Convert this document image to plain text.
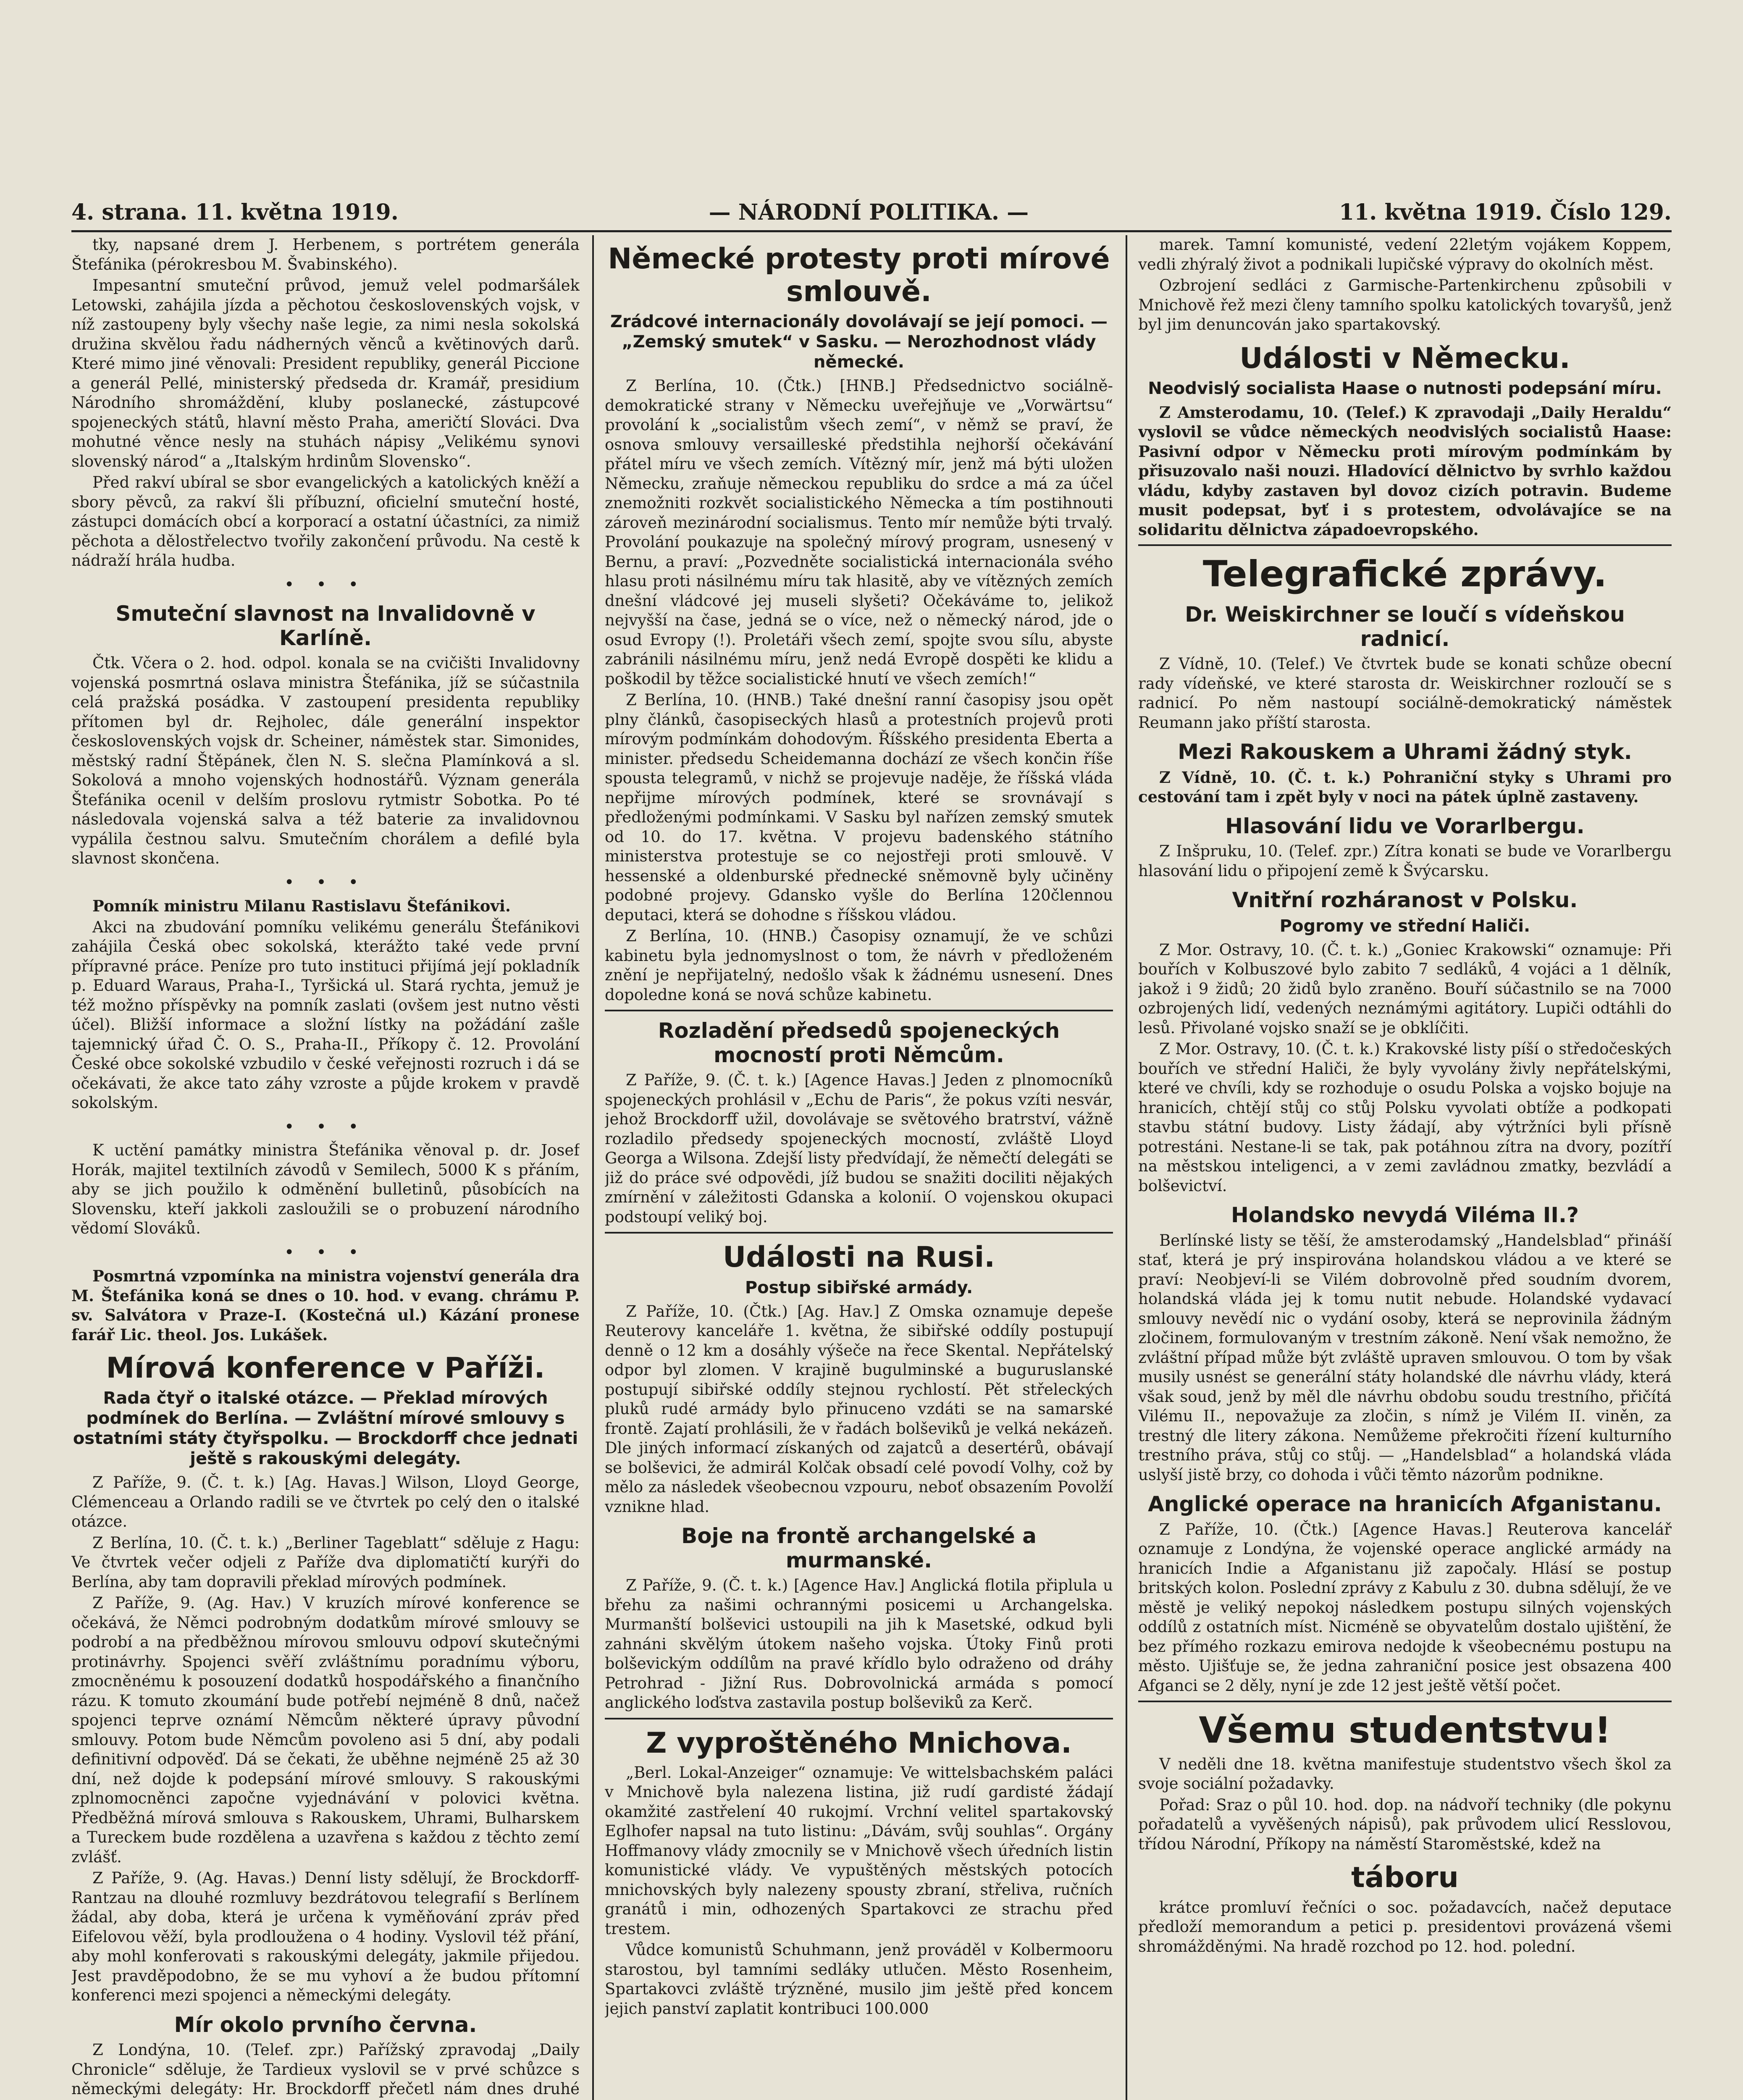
4. strana. 11. května 1919.	— NÁRODNÍ POLITIKA. —	11. května 1919. Číslo 129.

tky, napsané drem J. Herbenem, s portrétem generála Štefánika (pérokresbou M. Švabinského).

Impesantní smuteční průvod, jemuž velel podmaršálek Letowski, zahájila jízda a pěchotou československých vojsk, v níž zastoupeny byly všechy naše legie, za nimi nesla sokolská družina skvělou řadu nádherných věnců a květinových darů. Které mimo jiné věnovali: President republiky, generál Piccione a generál Pellé, ministerský předseda dr. Kramář, presidium Národního shromáždění, kluby poslanecké, zástupcové spojeneckých států, hlavní město Praha, američtí Slováci. Dva mohutné věnce nesly na stuhách nápisy „Velikému synovi slovenský národ“ a „Italským hrdinům Slovensko“.

Před rakví ubíral se sbor evangelických a katolických kněží a sbory pěvců, za rakví šli příbuzní, oficielní smuteční hosté, zástupci domácích obcí a korporací a ostatní účastníci, za nimiž pěchota a dělostřelectvo tvořily zakončení průvodu. Na cestě k nádraží hrála hudba.

• • •
Smuteční slavnost na Invalidovně v Karlíně.

Čtk. Včera o 2. hod. odpol. konala se na cvičišti Invalidovny vojenská posmrtná oslava ministra Štefánika, jíž se súčastnila celá pražská posádka. V zastoupení presidenta republiky přítomen byl dr. Rejholec, dále generální inspektor československých vojsk dr. Scheiner, náměstek star. Simonides, městský radní Štěpánek, člen N. S. slečna Plamínková a sl. Sokolová a mnoho vojenských hodnostářů. Význam generála Štefánika ocenil v delším proslovu rytmistr Sobotka. Po té následovala vojenská salva a též baterie za invalidovnou vypálila čestnou salvu. Smutečním chorálem a defilé byla slavnost skončena.

• • •

Pomník ministru Milanu Rastislavu Štefánikovi.

Akci na zbudování pomníku velikému generálu Štefánikovi zahájila Česká obec sokolská, kterážto také vede první přípravné práce. Peníze pro tuto instituci přijímá její pokladník p. Eduard Waraus, Praha-I., Tyršická ul. Stará rychta, jemuž je též možno příspěvky na pomník zaslati (ovšem jest nutno věsti účel). Bližší informace a složní lístky na požádání zašle tajemnický úřad Č. O. S., Praha-II., Příkopy č. 12. Provolání České obce sokolské vzbudilo v české veřejnosti rozruch i dá se očekávati, že akce tato záhy vzroste a půjde krokem v pravdě sokolským.

• • •

K uctění památky ministra Štefánika věnoval p. dr. Josef Horák, majitel textilních závodů v Semilech, 5000 K s přáním, aby se jich použilo k odměnění bulletinů, působících na Slovensku, kteří jakkoli zasloužili se o probuzení národního vědomí Slováků.

• • •

Posmrtná vzpomínka na ministra vojenství generála dra M. Štefánika koná se dnes o 10. hod. v evang. chrámu P. sv. Salvátora v Praze-I. (Kostečná ul.) Kázání pronese farář Lic. theol. Jos. Lukášek.

Mírová konference v Paříži.
Rada čtyř o italské otázce. — Překlad mírových podmínek do Berlína. — Zvláštní mírové smlouvy s ostatními státy čtyřspolku. — Brockdorff chce jednati ještě s rakouskými delegáty.

Z Paříže, 9. (Č. t. k.) [Ag. Havas.] Wilson, Lloyd George, Clémenceau a Orlando radili se ve čtvrtek po celý den o italské otázce.

Z Berlína, 10. (Č. t. k.) „Berliner Tageblatt“ sděluje z Hagu: Ve čtvrtek večer odjeli z Paříže dva diplomatičtí kurýři do Berlína, aby tam dopravili překlad mírových podmínek.

Z Paříže, 9. (Ag. Hav.) V kruzích mírové konference se očekává, že Němci podrobným dodatkům mírové smlouvy se podrobí a na předběžnou mírovou smlouvu odpoví skutečnými protinávrhy. Spojenci svěří zvláštnímu poradnímu výboru, zmocněnému k posouzení dodatků hospodářského a finančního rázu. K tomuto zkoumání bude potřebí nejméně 8 dnů, načež spojenci teprve oznámí Němcům některé úpravy původní smlouvy. Potom bude Němcům povoleno asi 5 dní, aby podali definitivní odpověď. Dá se čekati, že uběhne nejméně 25 až 30 dní, než dojde k podepsání mírové smlouvy. S rakouskými zplnomocněnci započne vyjednávání v polovici května. Předběžná mírová smlouva s Rakouskem, Uhrami, Bulharskem a Tureckem bude rozdělena a uzavřena s každou z těchto zemí zvlášť.

Z Paříže, 9. (Ag. Havas.) Denní listy sdělují, že Brockdorff-Rantzau na dlouhé rozmluvy bezdrátovou telegrafií s Berlínem žádal, aby doba, která je určena k vyměňování zpráv před Eifelovou věží, byla prodloužena o 4 hodiny. Vyslovil též přání, aby mohl konferovati s rakouskými delegáty, jakmile přijedou. Jest pravděpodobno, že se mu vyhoví a že budou přítomní konferenci mezi spojenci a německými delegáty.

Mír okolo prvního června.

Z Londýna, 10. (Telef. zpr.) Pařížský zpravodaj „Daily Chronicle“ sděluje, že Tardieux vyslovil se v prvé schůzce s německými delegáty: Hr. Brockdorff přečetl nám dnes druhé

Německé protesty proti mírové smlouvě.
Zrádcové internacionály dovolávají se její pomoci. — „Zemský smutek“ v Sasku. — Nerozhodnost vlády německé.

Z Berlína, 10. (Čtk.) [HNB.] Předsednictvo sociálně-demokratické strany v Německu uveřejňuje ve „Vorwärtsu“ provolání k „socialistům všech zemí“, v němž se praví, že osnova smlouvy versailleské předstihla nejhorší očekávání přátel míru ve všech zemích. Vítězný mír, jenž má býti uložen Německu, zraňuje německou republiku do srdce a má za účel znemožniti rozkvět socialistického Německa a tím postihnouti zároveň mezinárodní socialismus. Tento mír nemůže býti trvalý. Provolání poukazuje na společný mírový program, usnesený v Bernu, a praví: „Pozvedněte socialistická internacionála svého hlasu proti násilnému míru tak hlasitě, aby ve vítězných zemích dnešní vládcové jej museli slyšeti? Očekáváme to, jelikož nejvyšší na čase, jedná se o více, než o německý národ, jde o osud Evropy (!). Proletáři všech zemí, spojte svou sílu, abyste zabránili násilnému míru, jenž nedá Evropě dospěti ke klidu a poškodil by těžce socialistické hnutí ve všech zemích!“

Z Berlína, 10. (HNB.) Také dnešní ranní časopisy jsou opět plny článků, časopiseckých hlasů a protestních projevů proti mírovým podmínkám dohodovým. Říšského presidenta Eberta a minister. předsedu Scheidemanna dochází ze všech končin říše spousta telegramů, v nichž se projevuje naděje, že říšská vláda nepřijme mírových podmínek, které se srovnávají s předloženými podmínkami. V Sasku byl nařízen zemský smutek od 10. do 17. května. V projevu badenského státního ministerstva protestuje se co nejostřeji proti smlouvě. V hessenské a oldenburské přednecké sněmovně byly učiněny podobné projevy. Gdansko vyšle do Berlína 120člennou deputaci, která se dohodne s říšskou vládou.

Z Berlína, 10. (HNB.) Časopisy oznamují, že ve schůzi kabinetu byla jednomyslnost o tom, že návrh v předloženém znění je nepřijatelný, nedošlo však k žádnému usnesení. Dnes dopoledne koná se nová schůze kabinetu.

Rozladění předsedů spojeneckých mocností proti Němcům.

Z Paříže, 9. (Č. t. k.) [Agence Havas.] Jeden z plnomocníků spojeneckých prohlásil v „Echu de Paris“, že pokus vzíti nesvár, jehož Brockdorff užil, dovolávaje se světového bratrství, vážně rozladilo předsedy spojeneckých mocností, zvláště Lloyd Georga a Wilsona. Zdejší listy předvídají, že němečtí delegáti se již do práce své odpovědi, jíž budou se snažiti dociliti nějakých zmírnění v záležitosti Gdanska a kolonií. O vojenskou okupaci podstoupí veliký boj.

Události na Rusi.
Postup sibiřské armády.

Z Paříže, 10. (Čtk.) [Ag. Hav.] Z Omska oznamuje depeše Reuterovy kanceláře 1. května, že sibiřské oddíly postupují denně o 12 km a dosáhly výšeče na řece Skental. Nepřátelský odpor byl zlomen. V krajině bugulminské a buguruslanské postupují sibiřské oddíly stejnou rychlostí. Pět střeleckých pluků rudé armády bylo přinuceno vzdáti se na samarské frontě. Zajatí prohlásili, že v řadách bolševiků je velká nekázeň. Dle jiných informací získaných od zajatců a desertérů, obávají se bolševici, že admirál Kolčak obsadí celé povodí Volhy, což by mělo za následek všeobecnou vzpouru, neboť obsazením Povolží vznikne hlad.

Boje na frontě archangelské a murmanské.

Z Paříže, 9. (Č. t. k.) [Agence Hav.] Anglická flotila připlula u břehu za našimi ochrannými posicemi u Archangelska. Murmanští bolševici ustoupili na jih k Masetské, odkud byli zahnáni skvělým útokem našeho vojska. Útoky Finů proti bolševickým oddílům na pravé křídlo bylo odraženo od dráhy Petrohrad - Jižní Rus. Dobrovolnická armáda s pomocí anglického loďstva zastavila postup bolševiků za Kerč.

Z vyproštěného Mnichova.

„Berl. Lokal-Anzeiger“ oznamuje: Ve wittelsbachském paláci v Mnichově byla nalezena listina, již rudí gardisté žádají okamžité zastřelení 40 rukojmí. Vrchní velitel spartakovský Eglhofer napsal na tuto listinu: „Dávám, svůj souhlas“. Orgány Hoffmanovy vlády zmocnily se v Mnichově všech úředních listin komunistické vlády. Ve vypuštěných městských potocích mnichovských byly nalezeny spousty zbraní, střeliva, ručních granátů i min, odhozených Spartakovci ze strachu před trestem.

Vůdce komunistů Schuhmann, jenž prováděl v Kolbermooru starostou, byl tamními sedláky utlučen. Město Rosenheim, Spartakovci zvláště trýzněné, musilo jim ještě před koncem jejich panství zaplatit kontribuci 100.000

marek. Tamní komunisté, vedení 22letým vojákem Koppem, vedli zhýralý život a podnikali lupičské výpravy do okolních měst.

Ozbrojení sedláci z Garmische-Partenkirchenu způsobili v Mnichově řež mezi členy tamního spolku katolických tovaryšů, jenž byl jim denuncován jako spartakovský.

Události v Německu.
Neodvislý socialista Haase o nutnosti podepsání míru.

Z Amsterodamu, 10. (Telef.) K zpravodaji „Daily Heraldu“ vyslovil se vůdce německých neodvislých socialistů Haase: Pasivní odpor v Německu proti mírovým podmínkám by přisuzovalo naši nouzi. Hladovící dělnictvo by svrhlo každou vládu, kdyby zastaven byl dovoz cizích potravin. Budeme musit podepsat, byť i s protestem, odvolávajíce se na solidaritu dělnictva západoevropského.

Telegrafické zprávy.
Dr. Weiskirchner se loučí s vídeňskou radnicí.

Z Vídně, 10. (Telef.) Ve čtvrtek bude se konati schůze obecní rady vídeňské, ve které starosta dr. Weiskirchner rozloučí se s radnicí. Po něm nastoupí sociálně-demokratický náměstek Reumann jako příští starosta.

Mezi Rakouskem a Uhrami žádný styk.

Z Vídně, 10. (Č. t. k.) Pohraniční styky s Uhrami pro cestování tam i zpět byly v noci na pátek úplně zastaveny.

Hlasování lidu ve Vorarlbergu.

Z Inšpruku, 10. (Telef. zpr.) Zítra konati se bude ve Vorarlbergu hlasování lidu o připojení země k Švýcarsku.

Vnitřní rozháranost v Polsku.
Pogromy ve střední Haliči.

Z Mor. Ostravy, 10. (Č. t. k.) „Goniec Krakowski“ oznamuje: Při bouřích v Kolbuszové bylo zabito 7 sedláků, 4 vojáci a 1 dělník, jakož i 9 židů; 20 židů bylo zraněno. Bouří súčastnilo se na 7000 ozbrojených lidí, vedených neznámými agitátory. Lupiči odtáhli do lesů. Přivolané vojsko snaží se je obklíčiti.

Z Mor. Ostravy, 10. (Č. t. k.) Krakovské listy píší o středočeských bouřích ve střední Haliči, že byly vyvolány živly nepřátelskými, které ve chvíli, kdy se rozhoduje o osudu Polska a vojsko bojuje na hranicích, chtějí stůj co stůj Polsku vyvolati obtíže a podkopati stavbu státní budovy. Listy žádají, aby výtržníci byli přísně potrestáni. Nestane-li se tak, pak potáhnou zítra na dvory, pozítří na městskou inteligenci, a v zemi zavládnou zmatky, bezvládí a bolševictví.

Holandsko nevydá Viléma II.?

Berlínské listy se těší, že amsterodamský „Handelsblad“ přináší stať, která je prý inspirována holandskou vládou a ve které se praví: Neobjeví-li se Vilém dobrovolně před soudním dvorem, holandská vláda jej k tomu nutit nebude. Holandské vydavací smlouvy nevědí nic o vydání osoby, která se neprovinila žádným zločinem, formulovaným v trestním zákoně. Není však nemožno, že zvláštní případ může být zvláště upraven smlouvou. O tom by však musily usnést se generální státy holandské dle návrhu vlády, která však soud, jenž by měl dle návrhu obdobu soudu trestního, přičítá Vilému II., nepovažuje za zločin, s nímž je Vilém II. viněn, za trestný dle litery zákona. Nemůžeme překročiti řízení kulturního trestního práva, stůj co stůj. — „Handelsblad“ a holandská vláda uslyší jistě brzy, co dohoda i vůči těmto názorům podnikne.

Anglické operace na hranicích Afganistanu.

Z Paříže, 10. (Čtk.) [Agence Havas.] Reuterova kancelář oznamuje z Londýna, že vojenské operace anglické armády na hranicích Indie a Afganistanu již započaly. Hlásí se postup britských kolon. Poslední zprávy z Kabulu z 30. dubna sdělují, že ve městě je veliký nepokoj následkem postupu silných vojenských oddílů z ostatních míst. Nicméně se obyvatelům dostalo ujištění, že bez přímého rozkazu emirova nedojde k všeobecnému postupu na město. Ujišťuje se, že jedna zahraniční posice jest obsazena 400 Afganci se 2 děly, nyní je zde 12 jest ještě větší počet.

Všemu studentstvu!

V neděli dne 18. května manifestuje studentstvo všech škol za svoje sociální požadavky.

Pořad: Sraz o půl 10. hod. dop. na nádvoří techniky (dle pokynu pořadatelů a vyvěšených nápisů), pak průvodem ulicí Resslovou, třídou Národní, Příkopy na náměstí Staroměstské, kdež na

táboru

krátce promluví řečníci o soc. požadavcích, načež deputace předloží memorandum a petici p. presidentovi provázená všemi shromážděnými. Na hradě rozchod po 12. hod. polední.
